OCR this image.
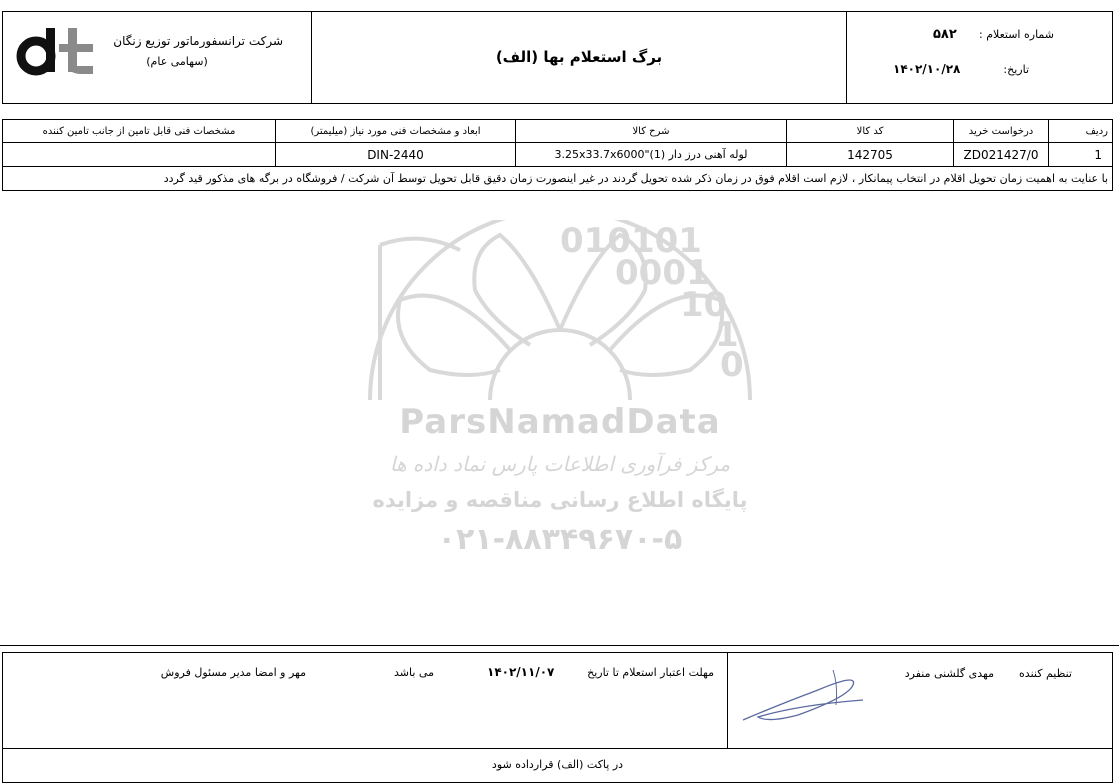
شرکت ترانسفورماتور توزیع زنگان
(سهامی عام)	برگ استعلام بها (الف)
شماره استعلام :
۵۸۲
تاریخ:
۱۴۰۲/۱۰/۲۸
مشخصات فنی قابل تامین از جانب تامین کننده	ابعاد و مشخصات فنی مورد نیاز (میلیمتر)	شرح کالا	کد کالا	درخواست خرید	ردیف
	DIN-2440	لوله آهنی درز دار 3.25x33.7x6000"(1)	142705	ZD021427/0	1
با عنایت به اهمیت زمان تحویل اقلام در انتخاب پیمانکار ، لازم است اقلام فوق در زمان ذکر شده تحویل گردند در غیر اینصورت زمان دقیق قابل تحویل توسط آن شرکت / فروشگاه در برگه های مذکور قید گردد					
010101
0001
10
1
0
ParsNamadData
مرکز فرآوری اطلاعات پارس نماد داده ها
پایگاه اطلاع رسانی مناقصه و مزایده
۰۲۱-۸۸۳۴۹۶۷۰-۵
تنظیم کننده
مهدی گلشنی منفرد
مهلت اعتبار استعلام تا تاریخ
۱۴۰۲/۱۱/۰۷
می باشد
مهر و امضا مدیر مسئول فروش
در پاکت (الف) قرارداده شود
